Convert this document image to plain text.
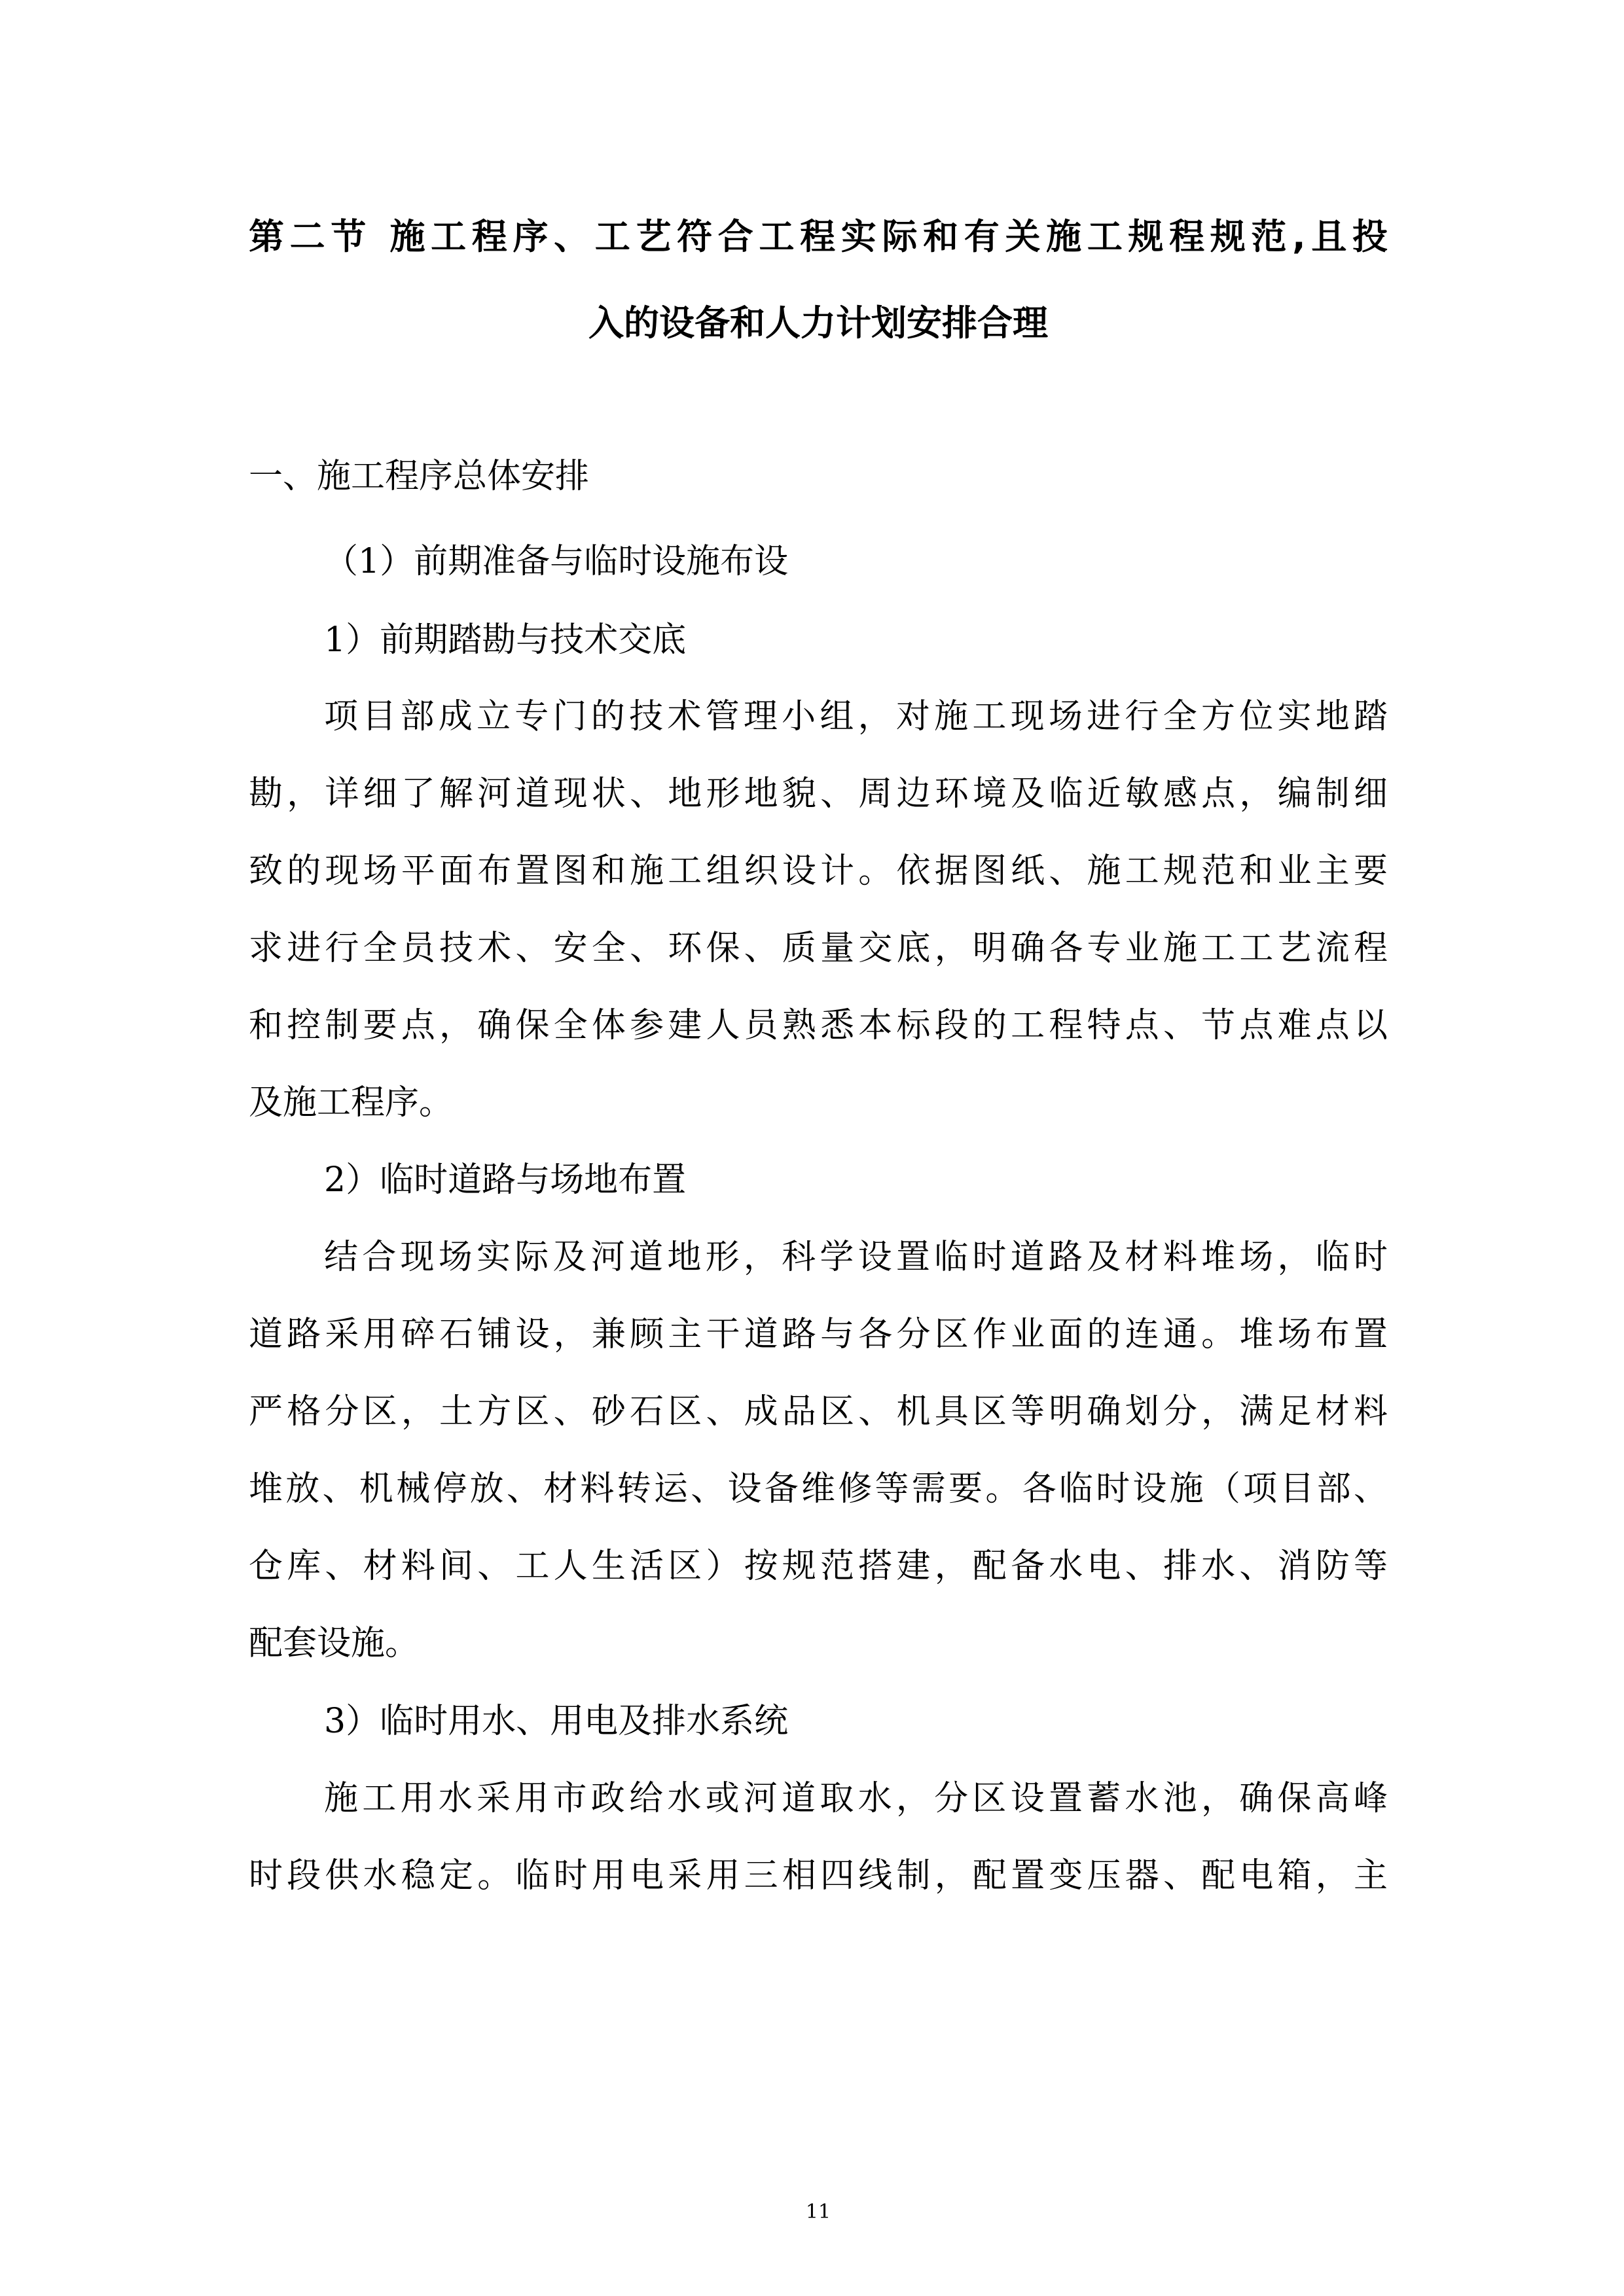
第二节 施工程序、工艺符合工程实际和有关施工规程规范,且投
入的设备和人力计划安排合理
一、施工程序总体安排
（1）前期准备与临时设施布设
1）前期踏勘与技术交底
项目部成立专门的技术管理小组，对施工现场进行全方位实地踏
勘，详细了解河道现状、地形地貌、周边环境及临近敏感点，编制细
致的现场平面布置图和施工组织设计。依据图纸、施工规范和业主要
求进行全员技术、安全、环保、质量交底，明确各专业施工工艺流程
和控制要点，确保全体参建人员熟悉本标段的工程特点、节点难点以
及施工程序。
2）临时道路与场地布置
结合现场实际及河道地形，科学设置临时道路及材料堆场，临时
道路采用碎石铺设，兼顾主干道路与各分区作业面的连通。堆场布置
严格分区，土方区、砂石区、成品区、机具区等明确划分，满足材料
堆放、机械停放、材料转运、设备维修等需要。各临时设施（项目部、
仓库、材料间、工人生活区）按规范搭建，配备水电、排水、消防等
配套设施。
3）临时用水、用电及排水系统
施工用水采用市政给水或河道取水，分区设置蓄水池，确保高峰
时段供水稳定。临时用电采用三相四线制，配置变压器、配电箱，主
11
